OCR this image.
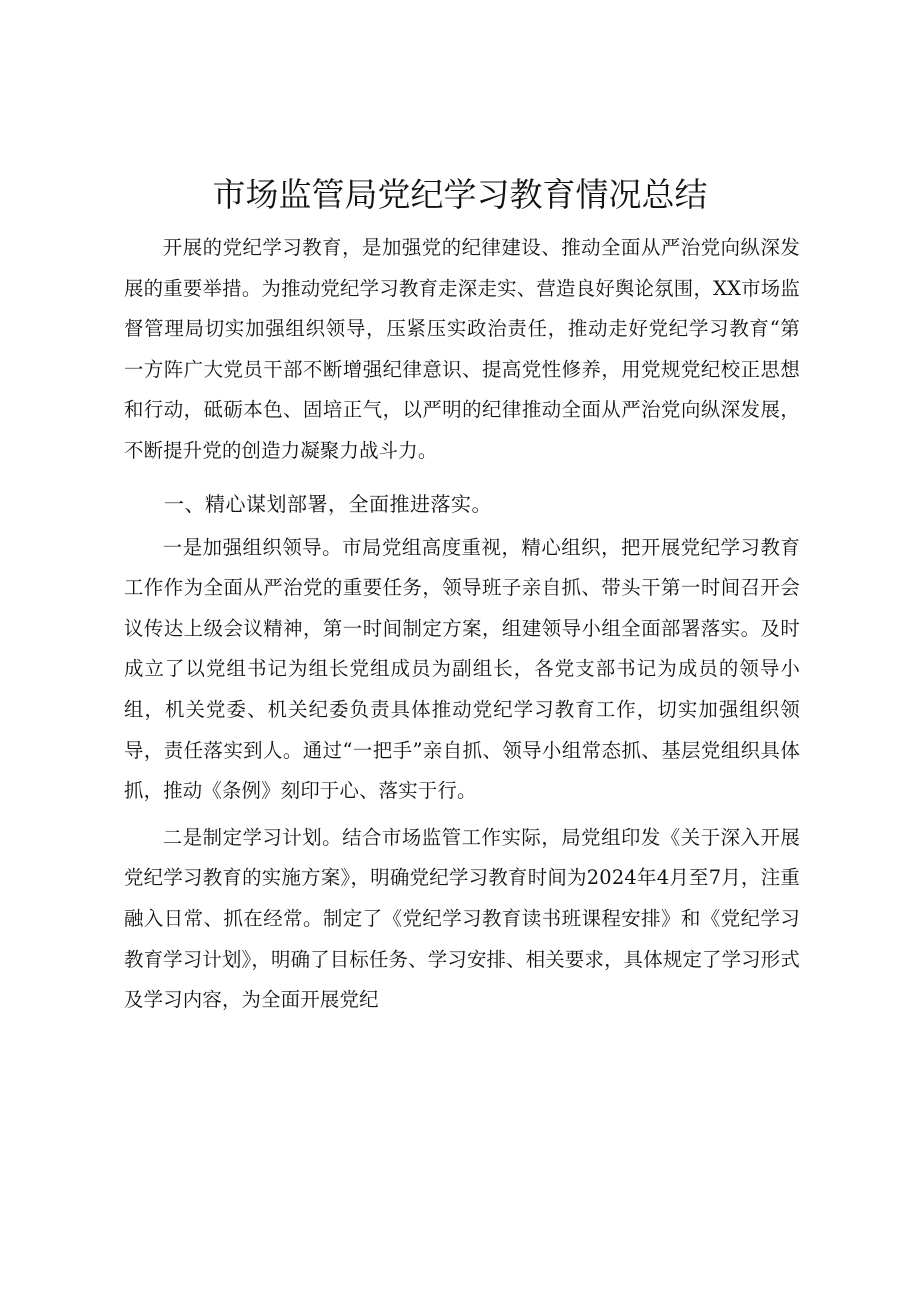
市场监管局党纪学习教育情况总结

开展的党纪学习教育，是加强党的纪律建设、推动全面从严治党向纵深发展的重要举措。为推动党纪学习教育走深走实、营造良好舆论氛围，XX市场监督管理局切实加强组织领导，压紧压实政治责任，推动走好党纪学习教育“第一方阵广大党员干部不断增强纪律意识、提高党性修养，用党规党纪校正思想和行动，砥砺本色、固培正气，以严明的纪律推动全面从严治党向纵深发展，不断提升党的创造力凝聚力战斗力。

一、精心谋划部署，全面推进落实。

一是加强组织领导。市局党组高度重视，精心组织，把开展党纪学习教育工作作为全面从严治党的重要任务，领导班子亲自抓、带头干第一时间召开会议传达上级会议精神，第一时间制定方案，组建领导小组全面部署落实。及时成立了以党组书记为组长党组成员为副组长，各党支部书记为成员的领导小组，机关党委、机关纪委负责具体推动党纪学习教育工作，切实加强组织领导，责任落实到人。通过“一把手”亲自抓、领导小组常态抓、基层党组织具体抓，推动《条例》刻印于心、落实于行。

二是制定学习计划。结合市场监管工作实际，局党组印发《关于深入开展党纪学习教育的实施方案》，明确党纪学习教育时间为2024年4月至7月，注重融入日常、抓在经常。制定了《党纪学习教育读书班课程安排》和《党纪学习教育学习计划》，明确了目标任务、学习安排、相关要求，具体规定了学习形式及学习内容，为全面开展党纪
